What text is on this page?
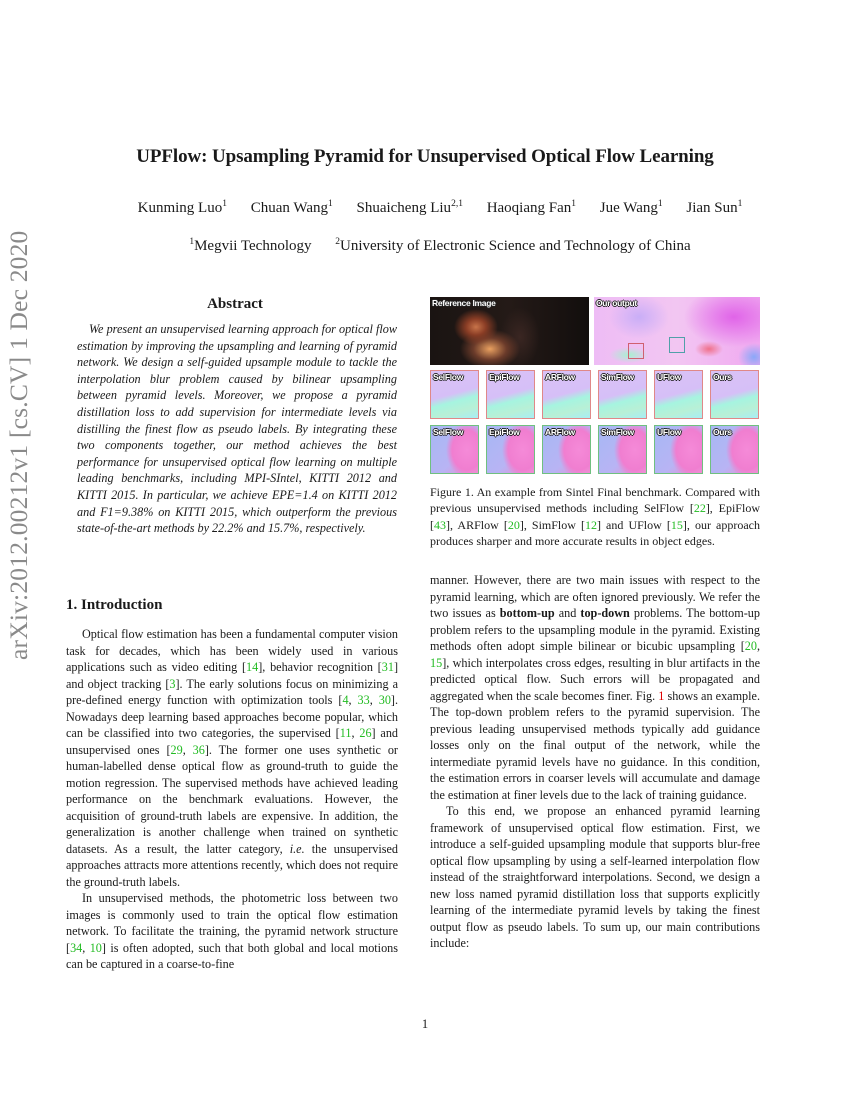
arXiv:2012.00212v1 [cs.CV] 1 Dec 2020
UPFlow: Upsampling Pyramid for Unsupervised Optical Flow Learning
Kunming Luo$^1$ Chuan Wang$^1$ Shuaicheng Liu$^{2,1}$ Haoqiang Fan$^1$ Jue Wang$^1$ Jian Sun$^1$
$^1$Megvii Technology	$^2$University of Electronic Science and Technology of China
Abstract

We present an unsupervised learning approach for optical flow estimation by improving the upsampling and learning of pyramid network. We design a self-guided upsample module to tackle the interpolation blur problem caused by bilinear upsampling between pyramid levels. Moreover, we propose a pyramid distillation loss to add supervision for intermediate levels via distilling the finest flow as pseudo labels. By integrating these two components together, our method achieves the best performance for unsupervised optical flow learning on multiple leading benchmarks, including MPI-SIntel, KITTI 2012 and KITTI 2015. In particular, we achieve EPE=1.4 on KITTI 2012 and F1=9.38% on KITTI 2015, which outperform the previous state-of-the-art methods by 22.2% and 15.7%, respectively.

Reference Image	Our output
SelFlow	EpiFlow	ARFlow	SimFlow	UFlow	Ours
SelFlow	EpiFlow	ARFlow	SimFlow	UFlow	Ours
Figure 1. An example from Sintel Final benchmark. Compared with previous unsupervised methods including SelFlow [22], EpiFlow [43], ARFlow [20], SimFlow [12] and UFlow [15], our approach produces sharper and more accurate results in object edges.
1. Introduction

Optical flow estimation has been a fundamental computer vision task for decades, which has been widely used in various applications such as video editing [14], behavior recognition [31] and object tracking [3]. The early solutions focus on minimizing a pre-defined energy function with optimization tools [4, 33, 30]. Nowadays deep learning based approaches become popular, which can be classified into two categories, the supervised [11, 26] and unsupervised ones [29, 36]. The former one uses synthetic or human-labelled dense optical flow as ground-truth to guide the motion regression. The supervised methods have achieved leading performance on the benchmark evaluations. However, the acquisition of ground-truth labels are expensive. In addition, the generalization is another challenge when trained on synthetic datasets. As a result, the latter category, i.e. the unsupervised approaches attracts more attentions recently, which does not require the ground-truth labels.

In unsupervised methods, the photometric loss between two images is commonly used to train the optical flow estimation network. To facilitate the training, the pyramid network structure [34, 10] is often adopted, such that both global and local motions can be captured in a coarse-to-fine

manner. However, there are two main issues with respect to the pyramid learning, which are often ignored previously. We refer the two issues as bottom-up and top-down problems. The bottom-up problem refers to the upsampling module in the pyramid. Existing methods often adopt simple bilinear or bicubic upsampling [20, 15], which interpolates cross edges, resulting in blur artifacts in the predicted optical flow. Such errors will be propagated and aggregated when the scale becomes finer. Fig. 1 shows an example. The top-down problem refers to the pyramid supervision. The previous leading unsupervised methods typically add guidance losses only on the final output of the network, while the intermediate pyramid levels have no guidance. In this condition, the estimation errors in coarser levels will accumulate and damage the estimation at finer levels due to the lack of training guidance.

To this end, we propose an enhanced pyramid learning framework of unsupervised optical flow estimation. First, we introduce a self-guided upsampling module that supports blur-free optical flow upsampling by using a self-learned interpolation flow instead of the straightforward interpolations. Second, we design a new loss named pyramid distillation loss that supports explicitly learning of the intermediate pyramid levels by taking the finest output flow as pseudo labels. To sum up, our main contributions include:

1
